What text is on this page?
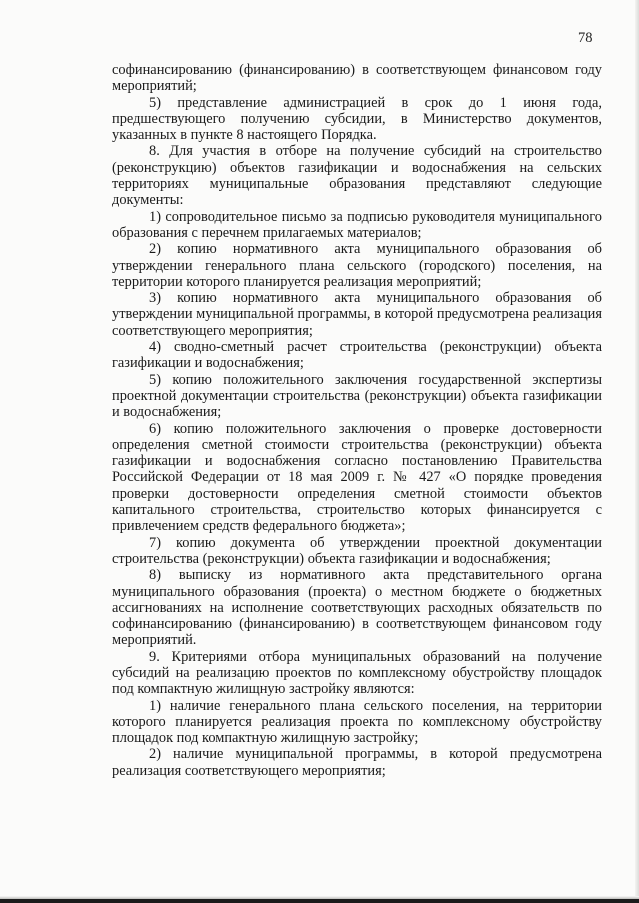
78

софинансированию (финансированию) в соответствующем финансовом году мероприятий;

5) представление администрацией в срок до 1 июня года, предшествующего получению субсидии, в Министерство документов, указанных в пункте 8 настоящего Порядка.

8. Для участия в отборе на получение субсидий на строительство (реконструкцию) объектов газификации и водоснабжения на сельских территориях муниципальные образования представляют следующие документы:

1) сопроводительное письмо за подписью руководителя муниципального образования с перечнем прилагаемых материалов;

2) копию нормативного акта муниципального образования об утверждении генерального плана сельского (городского) поселения, на территории которого планируется реализация мероприятий;

3) копию нормативного акта муниципального образования об утверждении муниципальной программы, в которой предусмотрена реализация соответствующего мероприятия;

4) сводно-сметный расчет строительства (реконструкции) объекта газификации и водоснабжения;

5) копию положительного заключения государственной экспертизы проектной документации строительства (реконструкции) объекта газификации и водоснабжения;

6) копию положительного заключения о проверке достоверности определения сметной стоимости строительства (реконструкции) объекта газификации и водоснабжения согласно постановлению Правительства Российской Федерации от 18 мая 2009 г. № 427 «О порядке проведения проверки достоверности определения сметной стоимости объектов капитального строительства, строительство которых финансируется с привлечением средств федерального бюджета»;

7) копию документа об утверждении проектной документации строительства (реконструкции) объекта газификации и водоснабжения;

8) выписку из нормативного акта представительного органа муниципального образования (проекта) о местном бюджете о бюджетных ассигнованиях на исполнение соответствующих расходных обязательств по софинансированию (финансированию) в соответствующем финансовом году мероприятий.

9. Критериями отбора муниципальных образований на получение субсидий на реализацию проектов по комплексному обустройству площадок под компактную жилищную застройку являются:

1) наличие генерального плана сельского поселения, на территории которого планируется реализация проекта по комплексному обустройству площадок под компактную жилищную застройку;

2) наличие муниципальной программы, в которой предусмотрена реализация соответствующего мероприятия;
